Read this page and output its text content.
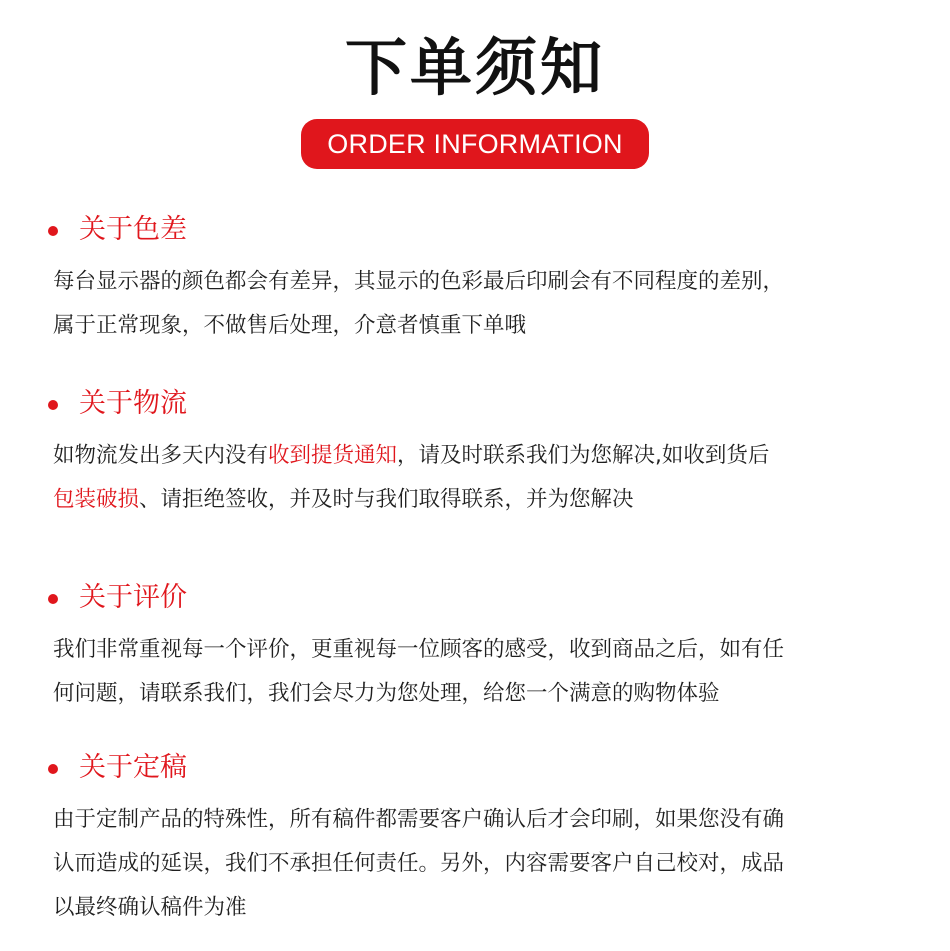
下单须知
ORDER INFORMATION
关于色差
每台显示器的颜色都会有差异，其显示的色彩最后印刷会有不同程度的差别，
属于正常现象，不做售后处理，介意者慎重下单哦
关于物流
如物流发出多天内没有收到提货通知，请及时联系我们为您解决,如收到货后
包装破损、请拒绝签收，并及时与我们取得联系，并为您解决
关于评价
我们非常重视每一个评价，更重视每一位顾客的感受，收到商品之后，如有任
何问题，请联系我们，我们会尽力为您处理，给您一个满意的购物体验
关于定稿
由于定制产品的特殊性，所有稿件都需要客户确认后才会印刷，如果您没有确
认而造成的延误，我们不承担任何责任。另外，内容需要客户自己校对，成品
以最终确认稿件为准
